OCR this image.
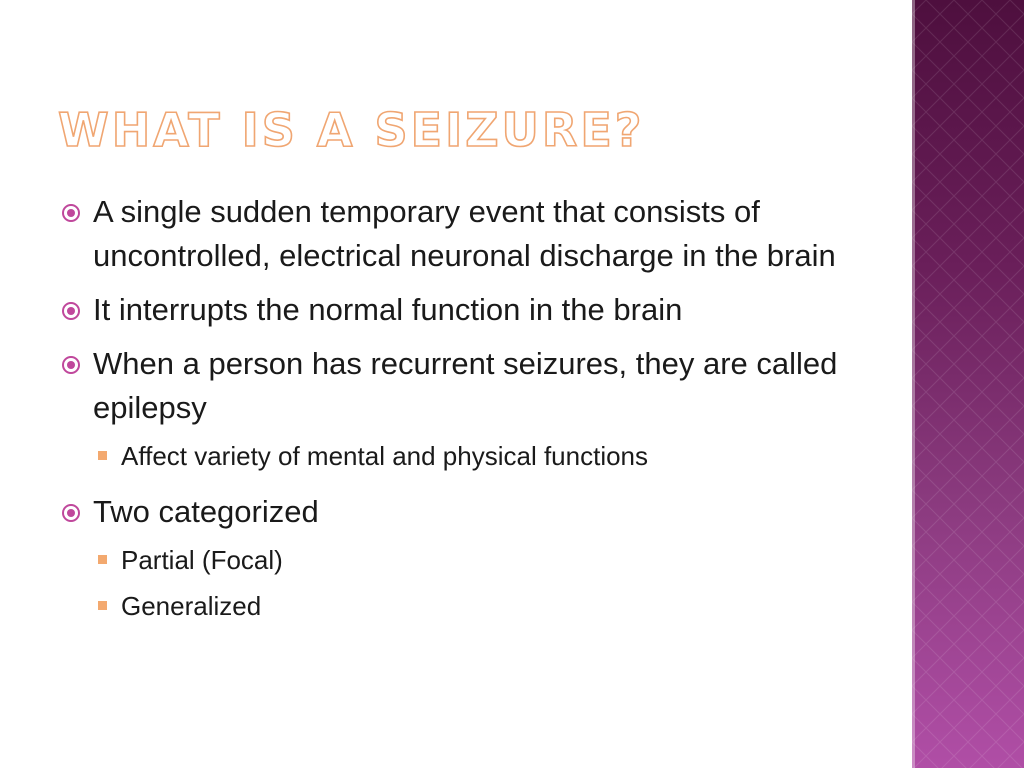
WHAT IS A SEIZURE?
A single sudden temporary event that consists of uncontrolled, electrical neuronal discharge in the brain
It interrupts the normal function in the brain
When a person has recurrent seizures, they are called epilepsy
Affect variety of mental and physical functions
Two categorized
Partial (Focal)
Generalized
